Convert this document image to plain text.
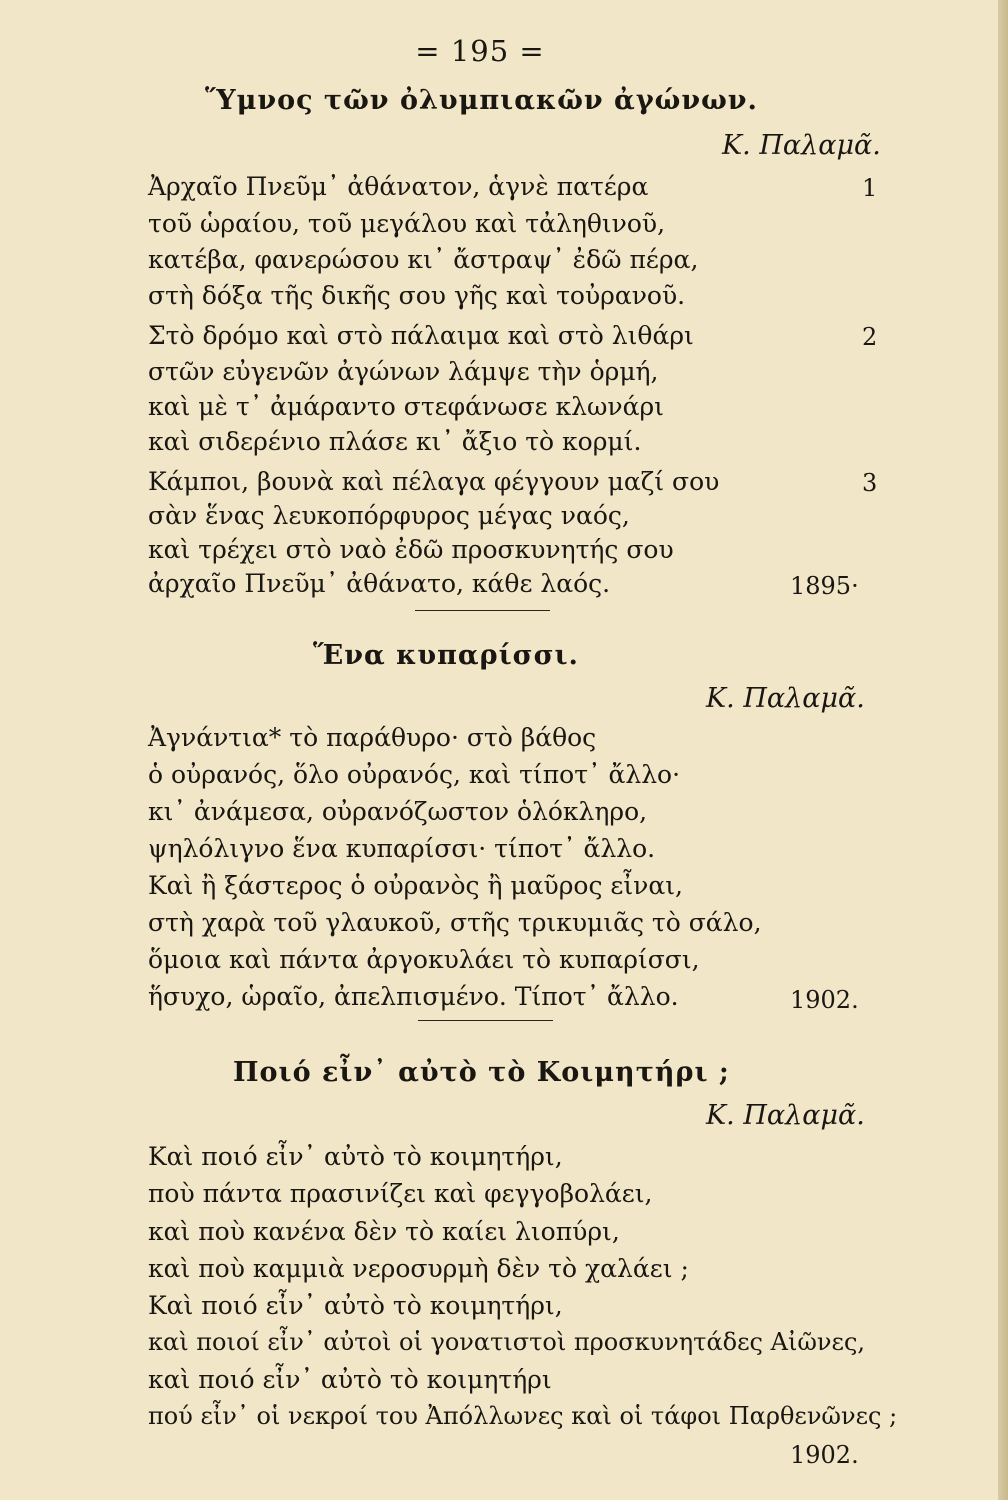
= 195 =
Ὕμνος τῶν ὀλυμπιακῶν ἀγώνων.
Κ. Παλαμᾶ.
Ἀρχαῖο Πνεῦμ᾽ ἀθάνατον, ἁγνὲ πατέρα	1
τοῦ ὡραίου, τοῦ μεγάλου καὶ τἀληθινοῦ,
κατέβα, φανερώσου κι᾽ ἄστραψ᾽ ἐδῶ πέρα,
στὴ δόξα τῆς δικῆς σου γῆς καὶ τοὐρανοῦ.
Στὸ δρόμο καὶ στὸ πάλαιμα καὶ στὸ λιθάρι	2
στῶν εὐγενῶν ἀγώνων λάμψε τὴν ὁρμή,
καὶ μὲ τ᾽ ἀμάραντο στεφάνωσε κλωνάρι
καὶ σιδερένιο πλάσε κι᾽ ἄξιο τὸ κορμί.
Κάμποι, βουνὰ καὶ πέλαγα φέγγουν μαζί σου	3
σὰν ἕνας λευκοπόρφυρος μέγας ναός,
καὶ τρέχει στὸ ναὸ ἐδῶ προσκυνητής σου
ἀρχαῖο Πνεῦμ᾽ ἀθάνατο, κάθε λαός.	1895·
Ἕνα κυπαρίσσι.
Κ. Παλαμᾶ.
Ἀγνάντια* τὸ παράθυρο· στὸ βάθος
ὁ οὐρανός, ὅλο οὐρανός, καὶ τίποτ᾽ ἄλλο·
κι᾽ ἀνάμεσα, οὐρανόζωστον ὁλόκληρο,
ψηλόλιγνο ἕνα κυπαρίσσι· τίποτ᾽ ἄλλο.
Καὶ ἢ ξάστερος ὁ οὐρανὸς ἢ μαῦρος εἶναι,
στὴ χαρὰ τοῦ γλαυκοῦ, στῆς τρικυμιᾶς τὸ σάλο,
ὅμοια καὶ πάντα ἀργοκυλάει τὸ κυπαρίσσι,
ἥσυχο, ὡραῖο, ἀπελπισμένο. Τίποτ᾽ ἄλλο.	1902.
Ποιό εἶν᾽ αὐτὸ τὸ Κοιμητήρι ;
Κ. Παλαμᾶ.
Καὶ ποιό εἶν᾽ αὐτὸ τὸ κοιμητήρι,
ποὺ πάντα πρασινίζει καὶ φεγγοβολάει,
καὶ ποὺ κανένα δὲν τὸ καίει λιοπύρι,
καὶ ποὺ καμμιὰ νεροσυρμὴ δὲν τὸ χαλάει ;
Καὶ ποιό εἶν᾽ αὐτὸ τὸ κοιμητήρι,
καὶ ποιοί εἶν᾽ αὐτοὶ οἱ γονατιστοὶ προσκυνητάδες Αἰῶνες,
καὶ ποιό εἶν᾽ αὐτὸ τὸ κοιμητήρι
πού εἶν᾽ οἱ νεκροί του Ἀπόλλωνες καὶ οἱ τάφοι Παρθενῶνες ;
1902.
